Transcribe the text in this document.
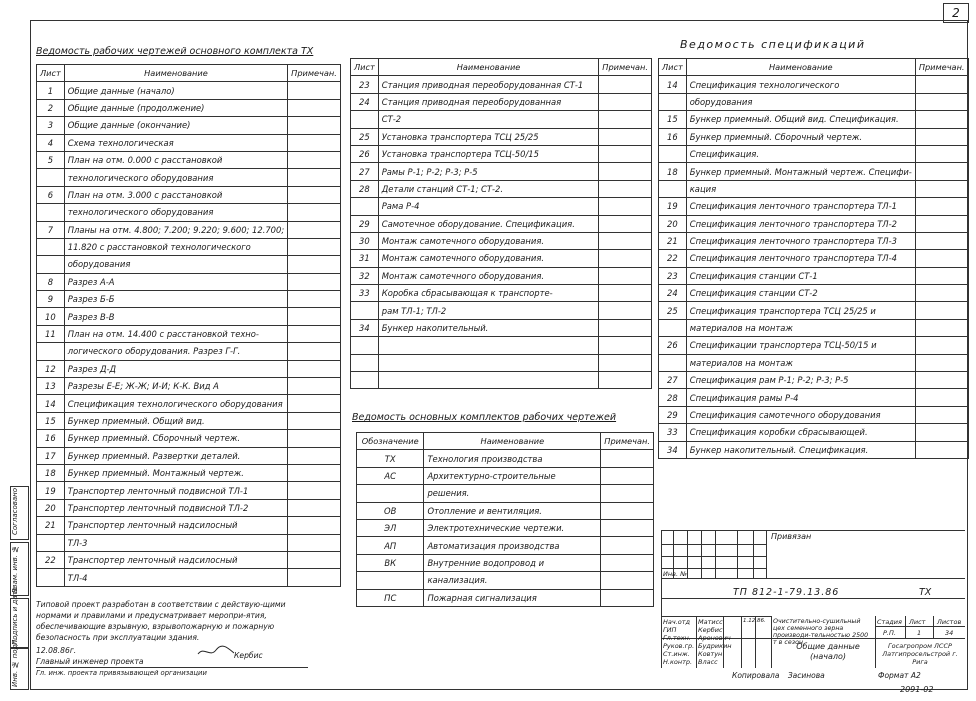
2
Согласовано
Взам. инв. №
Подпись и дата
Инв. № подл.
Ведомость рабочих чертежей основного комплекта ТХ
Ведомость спецификаций
Ведомость основных комплектов рабочих чертежей
Лист	Наименование	Примечан.
1	Общие данные (начало)	
2	Общие данные (продолжение)	
3	Общие данные (окончание)	
4	Схема технологическая	
5	План на отм. 0.000 с расстановкой	
	технологического оборудования	
6	План на отм. 3.000 с расстановкой	
	технологического оборудования	
7	Планы на отм. 4.800; 7.200; 9.220; 9.600; 12.700;	
	11.820 с расстановкой технологического	
	оборудования	
8	Разрез А-А	
9	Разрез Б-Б	
10	Разрез В-В	
11	План на отм. 14.400 с расстановкой техно-	
	логического оборудования. Разрез Г-Г.	
12	Разрез Д-Д	
13	Разрезы Е-Е; Ж-Ж; И-И; К-К. Вид А	
14	Спецификация технологического оборудования	
15	Бункер приемный. Общий вид.	
16	Бункер приемный. Сборочный чертеж.	
17	Бункер приемный. Развертки деталей.	
18	Бункер приемный. Монтажный чертеж.	
19	Транспортер ленточный подвисной ТЛ-1	
20	Транспортер ленточный подвисной ТЛ-2	
21	Транспортер ленточный надсилосный	
	ТЛ-3	
22	Транспортер ленточный надсилосный	
	ТЛ-4	
Лист	Наименование	Примечан.
23	Станция приводная переоборудованная СТ-1	
24	Станция приводная переоборудованная	
	СТ-2	
25	Установка транспортера ТСЦ 25/25	
26	Установка транспортера ТСЦ-50/15	
27	Рамы Р-1; Р-2; Р-3; Р-5	
28	Детали станций СТ-1; СТ-2.	
	Рама Р-4	
29	Самотечное оборудование. Спецификация.	
30	Монтаж самотечного оборудования.	
31	Монтаж самотечного оборудования.	
32	Монтаж самотечного оборудования.	
33	Коробка сбрасывающая к транспорте-	
	рам ТЛ-1; ТЛ-2	
34	Бункер накопительный.	

Обозначение	Наименование	Примечан.
ТХ	Технология производства	
АС	Архитектурно-строительные	
	решения.	
ОВ	Отопление и вентиляция.	
ЭЛ	Электротехнические чертежи.	
АП	Автоматизация производства	
ВК	Внутренние водопровод и	
	канализация.	
ПС	Пожарная сигнализация	
Лист	Наименование	Примечан.
14	Спецификация технологического	
	оборудования	
15	Бункер приемный. Общий вид. Спецификация.	
16	Бункер приемный. Сборочный чертеж.	
	Спецификация.	
18	Бункер приемный. Монтажный чертеж. Специфи-	
	кация	
19	Спецификация ленточного транспортера ТЛ-1	
20	Спецификация ленточного транспортера ТЛ-2	
21	Спецификация ленточного транспортера ТЛ-3	
22	Спецификация ленточного транспортера ТЛ-4	
23	Спецификация станции СТ-1	
24	Спецификация станции СТ-2	
25	Спецификация транспортера ТСЦ 25/25 и	
	материалов на монтаж	
26	Спецификации транспортера ТСЦ-50/15 и	
	материалов на монтаж	
27	Спецификация рам Р-1; Р-2; Р-3; Р-5	
28	Спецификация рамы Р-4	
29	Спецификация самотечного оборудования	
33	Спецификация коробки сбрасывающей.	
34	Бункер накопительный. Спецификация.	
Типовой проект разработан в соответствии с действую-щими нормами и правилами и предусматривает меропри-ятия, обеспечивающие взрывную, взрывопожарную и пожарную безопасность при эксплуатации здания.
12.08.86г.
Главный инженер проекта
Кербис
Гл. инж. проекта привязывающей организации
Привязан
Инв. №
ТП 812-1-79.13.86	ТХ
Нач.отд
ГИП
Гл.техн.
Руков.гр.
Ст.инж.
Н.контр.
Матисс
Кербис
Аронович
Будрикин
Ковтун
Власс
1.12.86. Очистительно-сушильный цех семенного зерна производи-тельностью 2500 т в сезон
Общие данные (начало)
Стадия Лист Листов
Р.П.	1	34
Госагропром ЛССР Латгипросельстрой г. Рига
Копировала Засинова	Формат А2
2091-02
